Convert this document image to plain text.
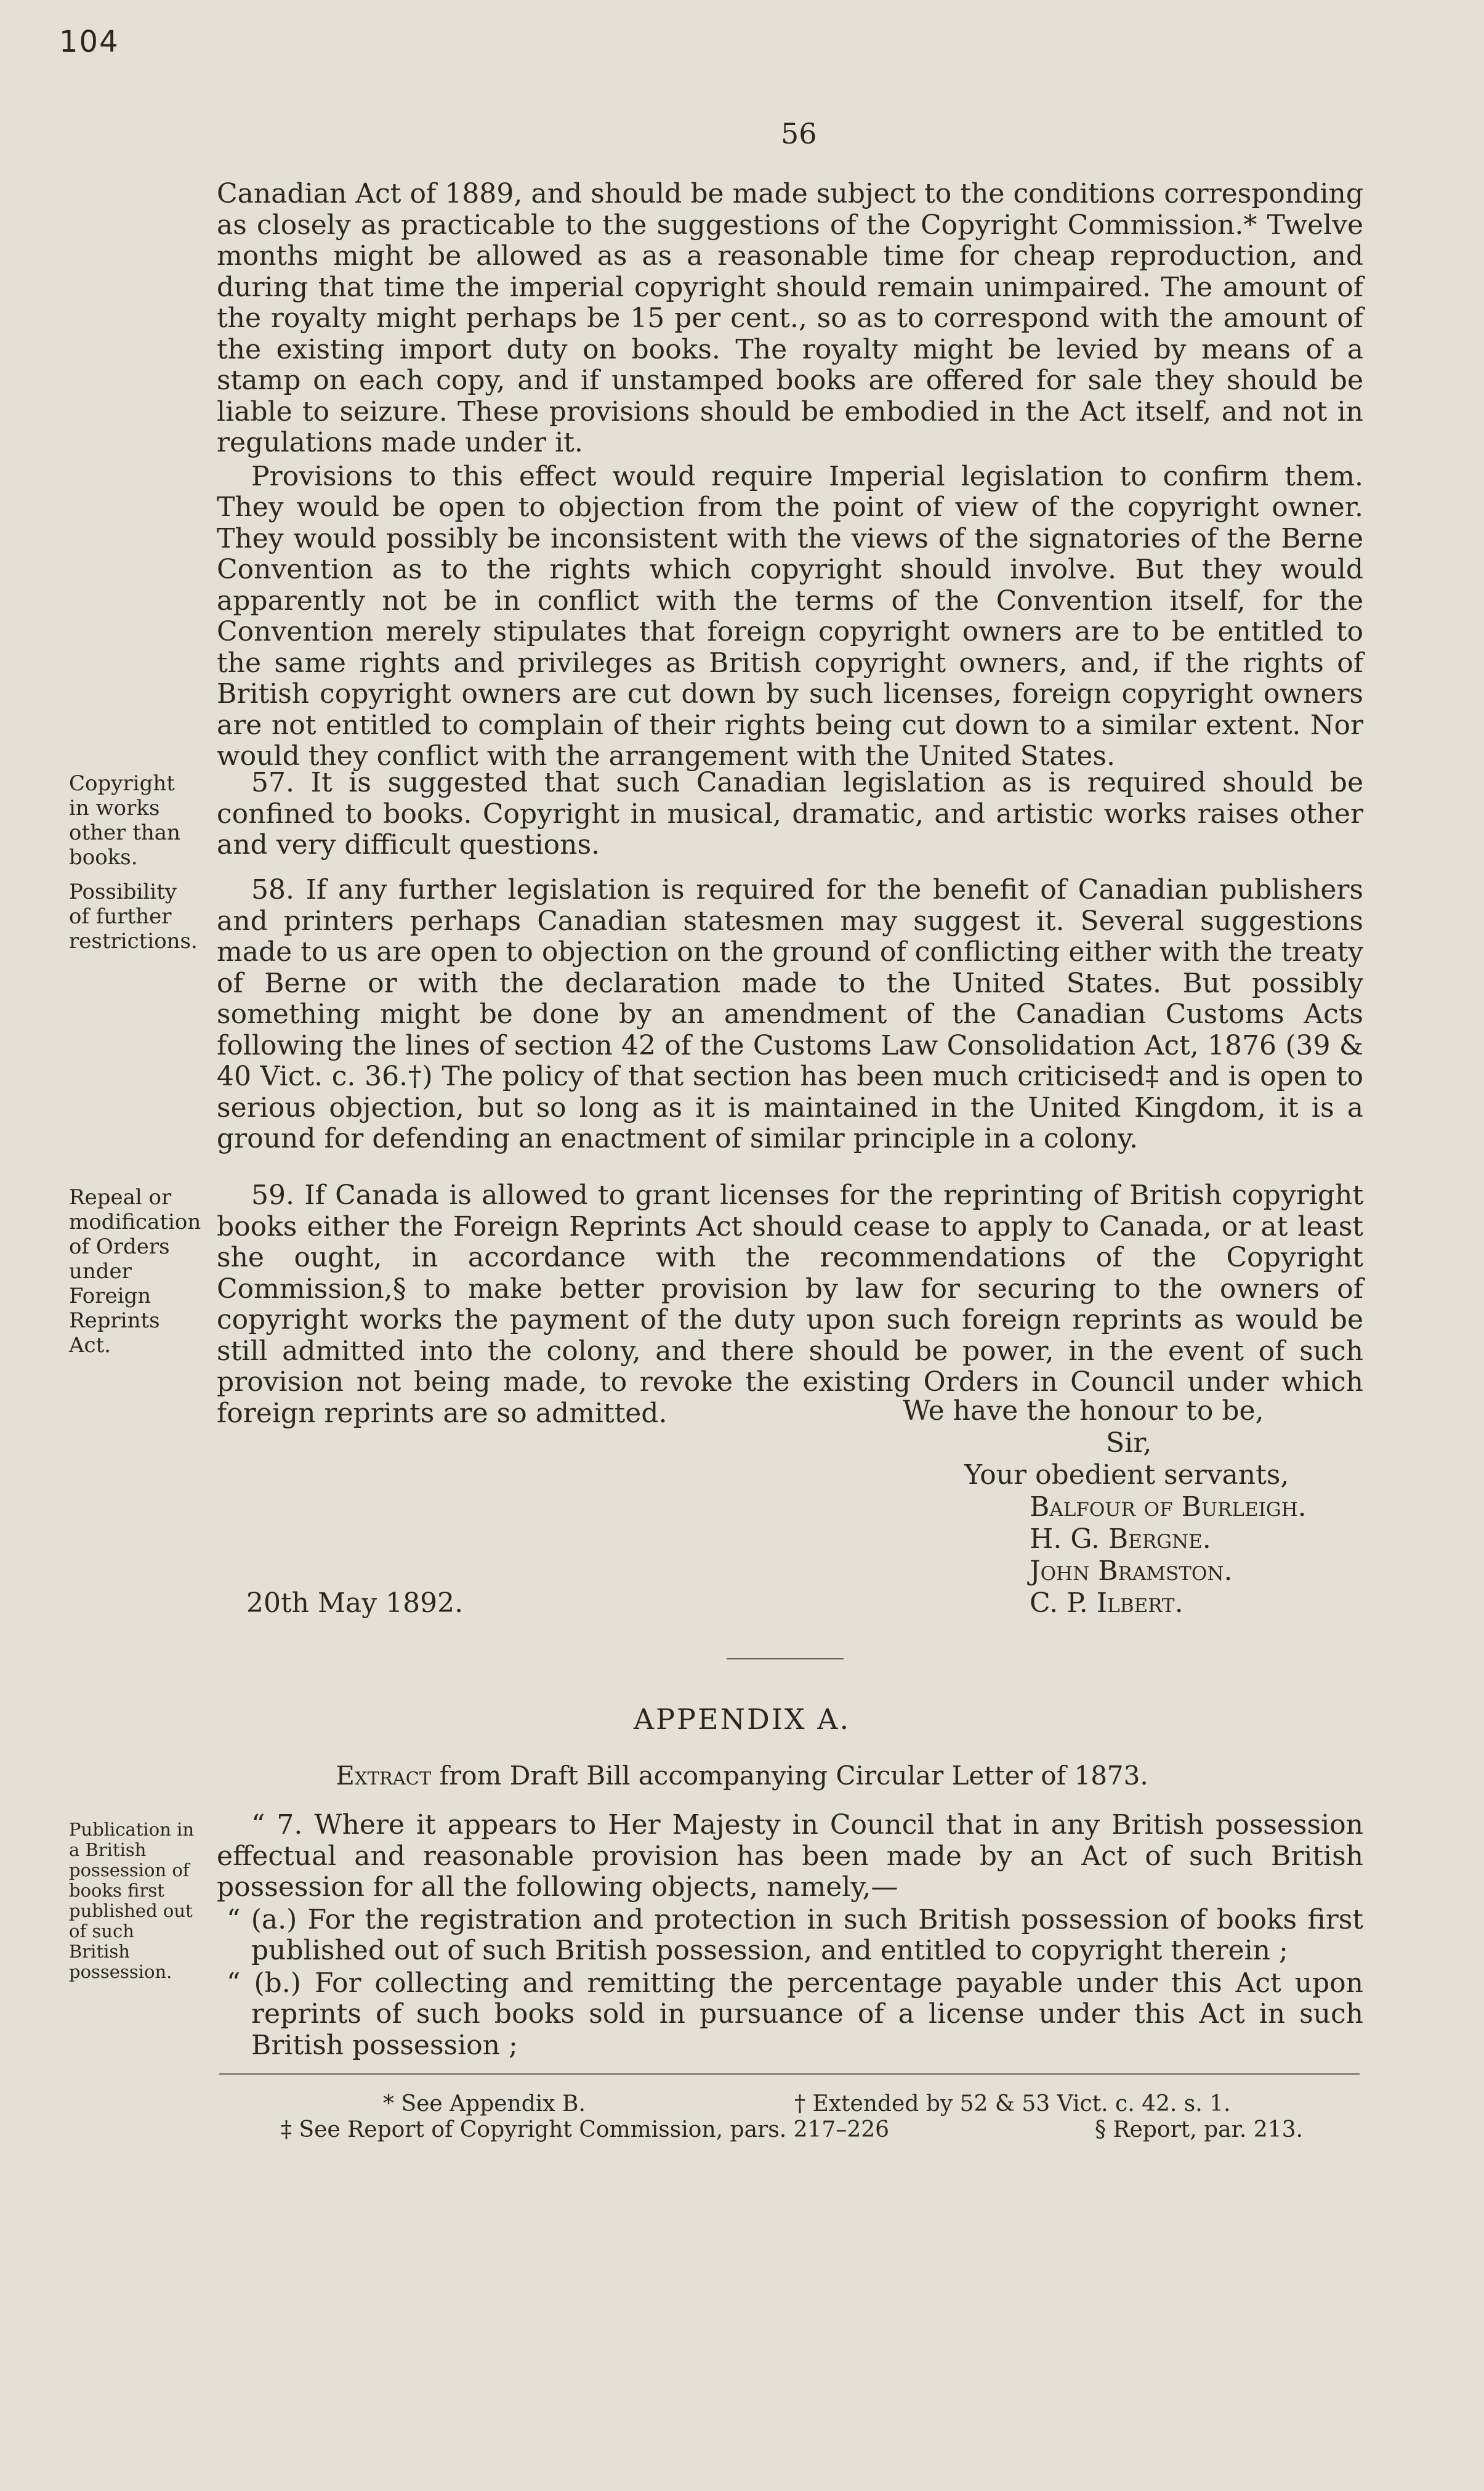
104
56

Canadian Act of 1889, and should be made subject to the conditions corresponding as closely as practicable to the suggestions of the Copyright Commission.* Twelve months might be allowed as as a reasonable time for cheap reproduction, and during that time the imperial copyright should remain unimpaired. The amount of the royalty might perhaps be 15 per cent., so as to correspond with the amount of the existing import duty on books. The royalty might be levied by means of a stamp on each copy, and if unstamped books are offered for sale they should be liable to seizure. These provisions should be embodied in the Act itself, and not in regulations made under it.

Provisions to this effect would require Imperial legislation to confirm them. They would be open to objection from the point of view of the copyright owner. They would possibly be inconsistent with the views of the signatories of the Berne Convention as to the rights which copyright should involve. But they would apparently not be in conflict with the terms of the Convention itself, for the Convention merely stipulates that foreign copyright owners are to be entitled to the same rights and privileges as British copyright owners, and, if the rights of British copyright owners are cut down by such licenses, foreign copyright owners are not entitled to complain of their rights being cut down to a similar extent. Nor would they conflict with the arrangement with the United States.

Copyright in works other than books.
57. It is suggested that such Canadian legislation as is required should be confined to books. Copyright in musical, dramatic, and artistic works raises other and very difficult questions.
Possibility of further restrictions.
58. If any further legislation is required for the benefit of Canadian publishers and printers perhaps Canadian statesmen may suggest it. Several suggestions made to us are open to objection on the ground of conflicting either with the treaty of Berne or with the declaration made to the United States. But possibly something might be done by an amendment of the Canadian Customs Acts following the lines of section 42 of the Customs Law Consolidation Act, 1876 (39 & 40 Vict. c. 36.†) The policy of that section has been much criticised‡ and is open to serious objection, but so long as it is maintained in the United Kingdom, it is a ground for defending an enactment of similar principle in a colony.
Repeal or modification of Orders under Foreign Reprints Act.
59. If Canada is allowed to grant licenses for the reprinting of British copyright books either the Foreign Reprints Act should cease to apply to Canada, or at least she ought, in accordance with the recommendations of the Copyright Commission,§ to make better provision by law for securing to the owners of copyright works the payment of the duty upon such foreign reprints as would be still admitted into the colony, and there should be power, in the event of such provision not being made, to revoke the existing Orders in Council under which foreign reprints are so admitted.	We have the honour to be,
Sir,
Your obedient servants,
Balfour of Burleigh.
H. G. Bergne.
John Bramston.
C. P. Ilbert.
20th May 1892.
APPENDIX A.
Extract from Draft Bill accompanying Circular Letter of 1873.
Publication in a British possession of books first published out of such British possession.

“ 7. Where it appears to Her Majesty in Council that in any British possession effectual and reasonable provision has been made by an Act of such British possession for all the following objects, namely,—

“ (a.) For the registration and protection in such British possession of books first published out of such British possession, and entitled to copyright therein ;

“ (b.) For collecting and remitting the percentage payable under this Act upon reprints of such books sold in pursuance of a license under this Act in such British possession ;

* See Appendix B.	† Extended by 52 & 53 Vict. c. 42. s. 1.
‡ See Report of Copyright Commission, pars. 217–226	§ Report, par. 213.
